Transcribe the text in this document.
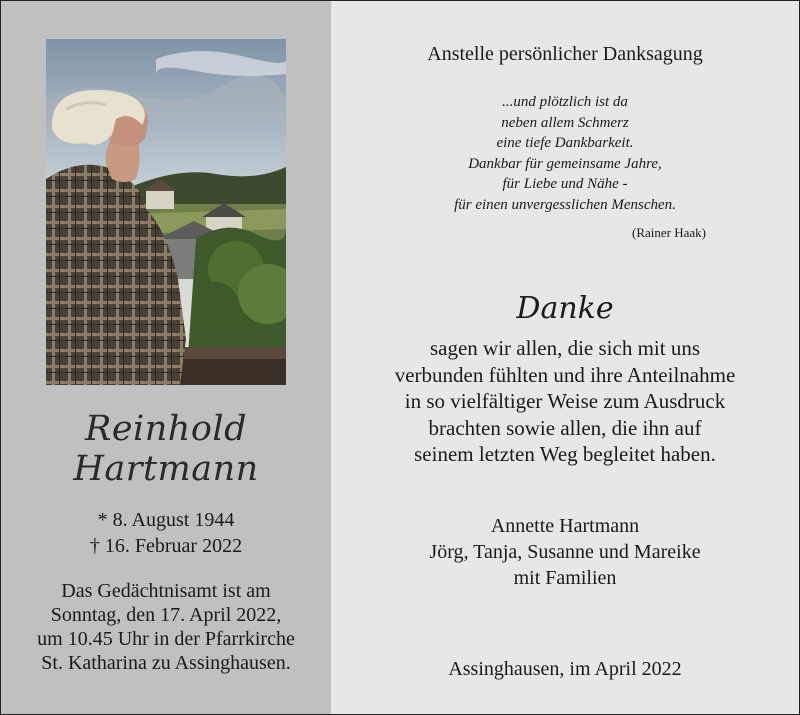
Reinhold
Hartmann
* 8. August 1944
† 16. Februar 2022
Das Gedächtnisamt ist am
Sonntag, den 17. April 2022,
um 10.45 Uhr in der Pfarrkirche
St. Katharina zu Assinghausen.
Anstelle persönlicher Danksagung
...und plötzlich ist da
neben allem Schmerz
eine tiefe Dankbarkeit.
Dankbar für gemeinsame Jahre,
für Liebe und Nähe -
für einen unvergesslichen Menschen.
(Rainer Haak)
Danke
sagen wir allen, die sich mit uns
verbunden fühlten und ihre Anteilnahme
in so vielfältiger Weise zum Ausdruck
brachten sowie allen, die ihn auf
seinem letzten Weg begleitet haben.
Annette Hartmann
Jörg, Tanja, Susanne und Mareike
mit Familien
Assinghausen, im April 2022
